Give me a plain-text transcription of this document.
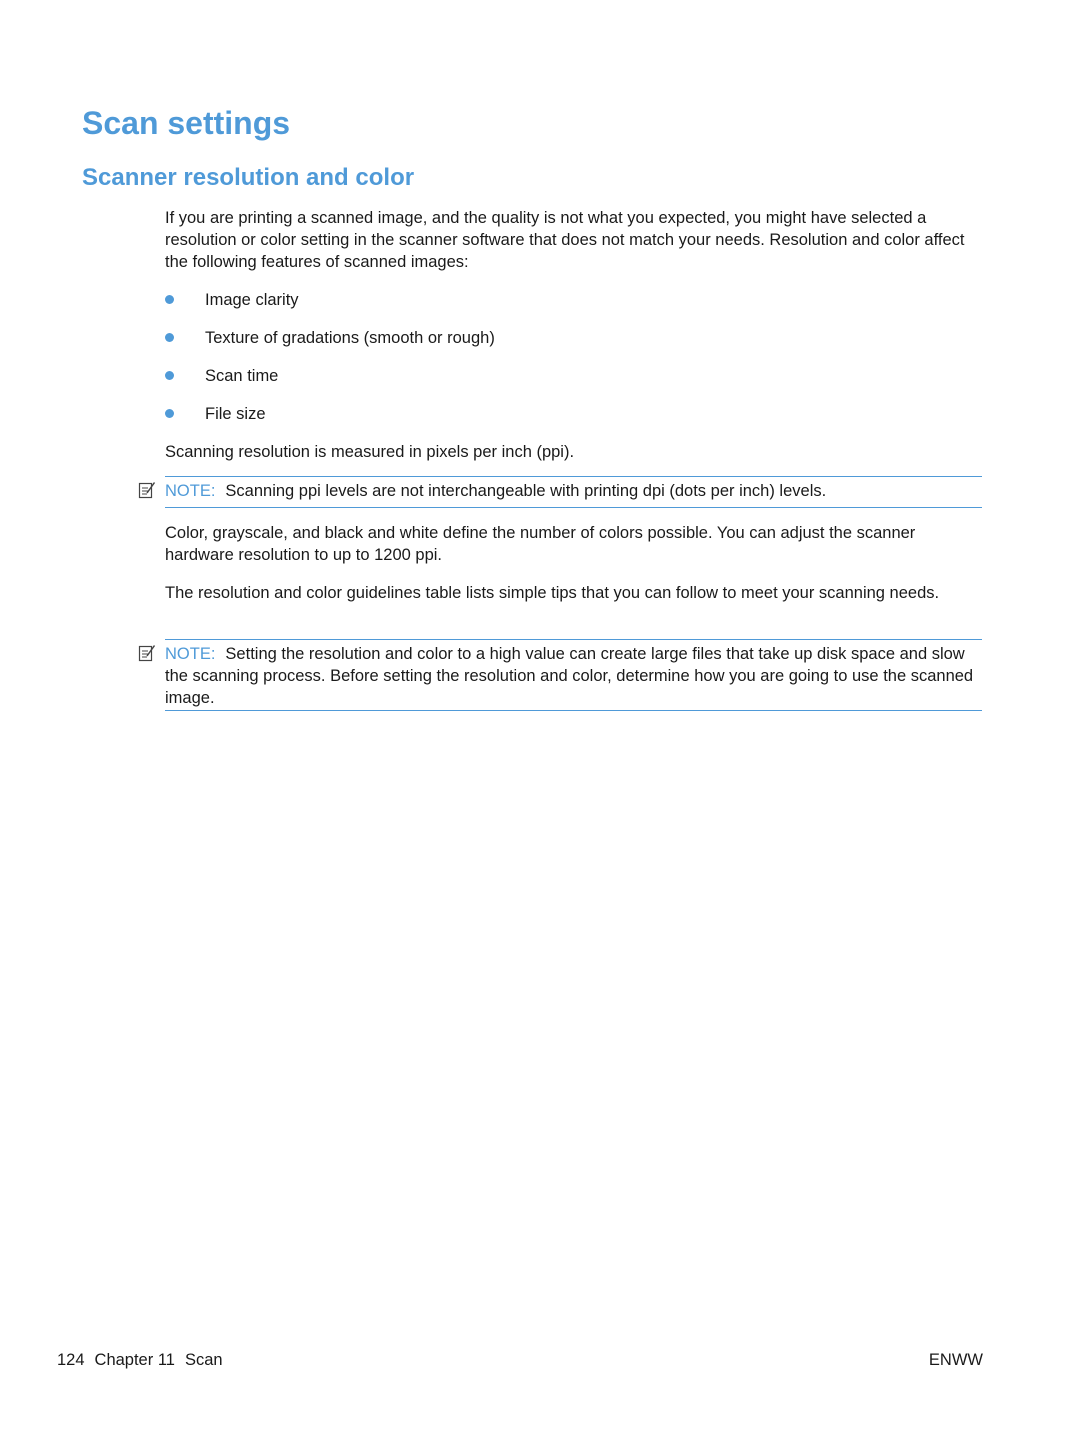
Scan settings
Scanner resolution and color

If you are printing a scanned image, and the quality is not what you expected, you might have selected a resolution or color setting in the scanner software that does not match your needs. Resolution and color affect the following features of scanned images:

Image clarity
Texture of gradations (smooth or rough)
Scan time
File size

Scanning resolution is measured in pixels per inch (ppi).

NOTE: Scanning ppi levels are not interchangeable with printing dpi (dots per inch) levels.

Color, grayscale, and black and white define the number of colors possible. You can adjust the scanner hardware resolution to up to 1200 ppi.

The resolution and color guidelines table lists simple tips that you can follow to meet your scanning needs.

NOTE: Setting the resolution and color to a high value can create large files that take up disk space and slow the scanning process. Before setting the resolution and color, determine how you are going to use the scanned image.
124 Chapter 11 Scan	ENWW
